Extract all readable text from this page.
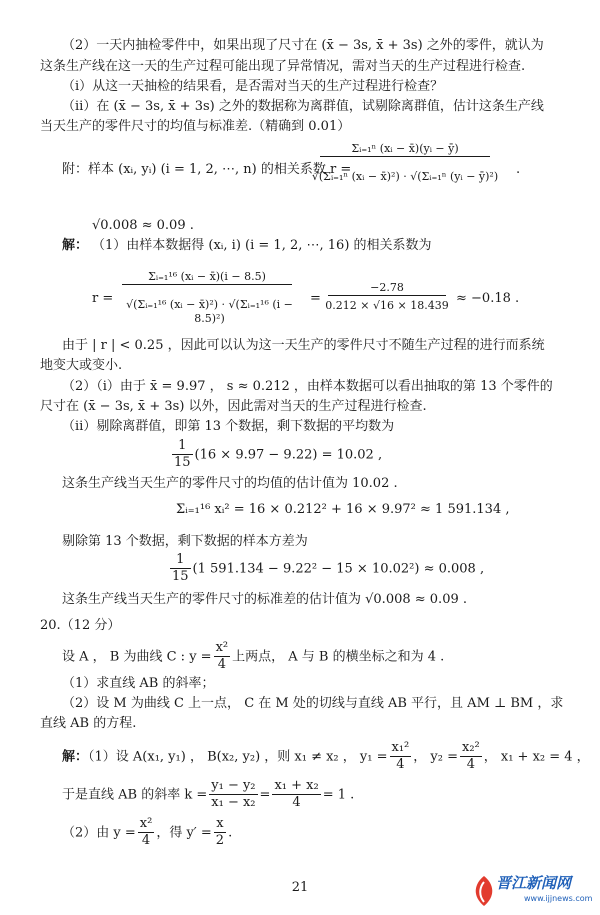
（2）一天内抽检零件中，如果出现了尺寸在 (x̄ − 3s, x̄ + 3s) 之外的零件，就认为
这条生产线在这一天的生产过程可能出现了异常情况，需对当天的生产过程进行检查.
（ⅰ）从这一天抽检的结果看，是否需对当天的生产过程进行检查？
（ⅱ）在 (x̄ − 3s, x̄ + 3s) 之外的数据称为离群值，试剔除离群值，估计这条生产线
当天生产的零件尺寸的均值与标准差.（精确到 0.01）
附：样本 (xᵢ, yᵢ) (i = 1, 2, ⋯, n) 的相关系数 r =
Σᵢ₌₁ⁿ (xᵢ − x̄)(yᵢ − ȳ)
√(Σᵢ₌₁ⁿ (xᵢ − x̄)²) · √(Σᵢ₌₁ⁿ (yᵢ − ȳ)²)	.
√0.008 ≈ 0.09 .
解： （1）由样本数据得 (xᵢ, i) (i = 1, 2, ⋯, 16) 的相关系数为
r =
Σᵢ₌₁¹⁶ (xᵢ − x̄)(i − 8.5)
√(Σᵢ₌₁¹⁶ (xᵢ − x̄)²) · √(Σᵢ₌₁¹⁶ (i − 8.5)²)
=
−2.78
0.212 × √16 × 18.439 ≈ −0.18 .
由于 | r | < 0.25 ，因此可以认为这一天生产的零件尺寸不随生产过程的进行而系统
地变大或变小.
（2）（ⅰ）由于 x̄ = 9.97 ， s ≈ 0.212 ，由样本数据可以看出抽取的第 13 个零件的
尺寸在 (x̄ − 3s, x̄ + 3s) 以外，因此需对当天的生产过程进行检查.
（ⅱ）剔除离群值，即第 13 个数据，剩下数据的平均数为
$\frac{1}{15} (16 \times 9.97 - 9.22) = 10.02$ ,
这条生产线当天生产的零件尺寸的均值的估计值为 10.02 .
Σᵢ₌₁¹⁶ xᵢ² = 16 × 0.212² + 16 × 9.97² ≈ 1 591.134 ,
剔除第 13 个数据，剩下数据的样本方差为
$\frac{1}{15} (1$ 591.134 − 9.22² − 15 × 10.02²) ≈ 0.008 ,
这条生产线当天生产的零件尺寸的标准差的估计值为 √0.008 ≈ 0.09 .
20.（12 分）
设 A ， B 为曲线 C : $y = \frac{\text{x²}}{4}$ 上两点， A 与 B 的横坐标之和为 4 .
（1）求直线 AB 的斜率；
（2）设 M 为曲线 C 上一点， C 在 M 处的切线与直线 AB 平行，且 AM ⊥ BM ，求
直线 AB 的方程.
解：（1）设 A(x₁, y₁) ， B(x₂, y₂) ，则 x₁ ≠ x₂ ， $y_1 = \frac{\text{x₁²}}{4}$ ， $y_2 = \frac{\text{x₂²}}{4}$ ， x₁ + x₂ = 4 ，
于是直线 AB 的斜率 $k = \frac{\text{y₁ − y₂}}{\text{x₁ − x₂}} = \frac{\text{x₁ + x₂}}{4} = 1$ .
（2）由 $y = \frac{\text{x²}}{4}$ ，得 $y' = \frac{x}{2}$ .
21	晋江新闻网
www.ijjnews.com
